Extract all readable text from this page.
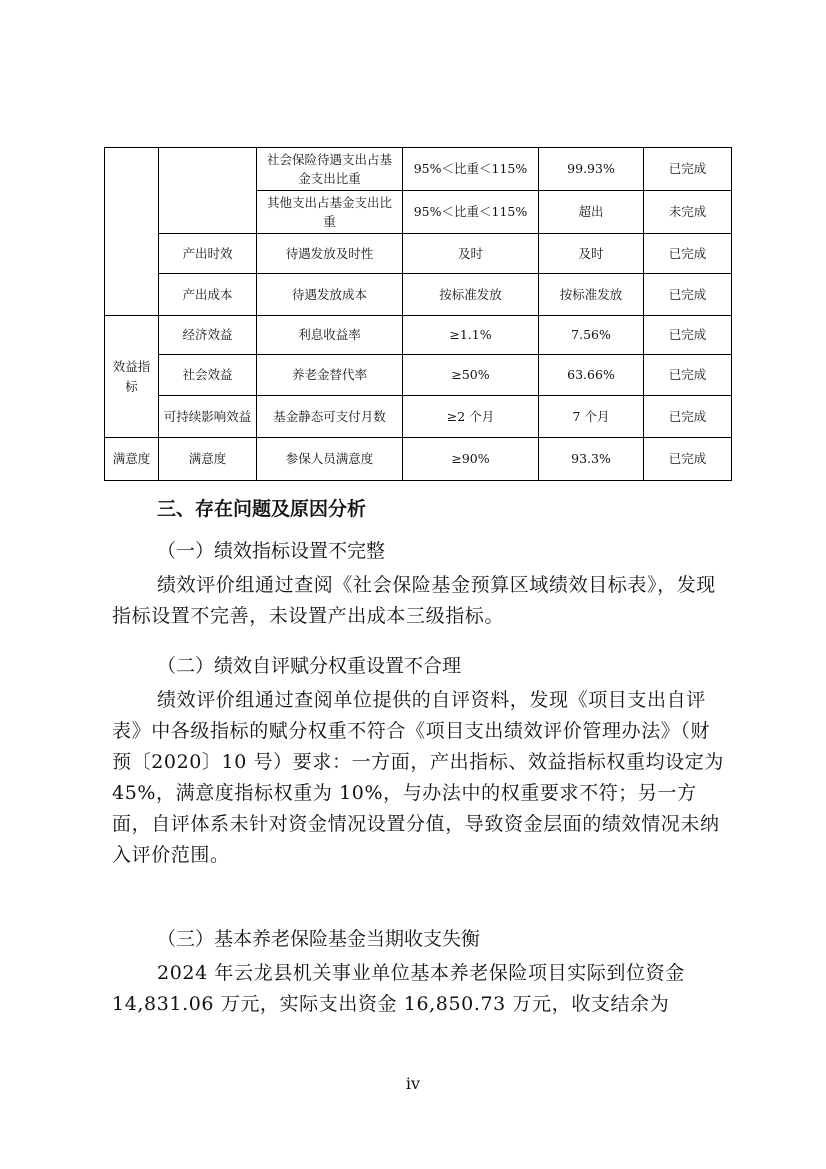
		社会保险待遇支出占基金支出比重	95%＜比重＜115%	99.93%	已完成
		其他支出占基金支出比重	95%＜比重＜115%	超出	未完成
	产出时效	待遇发放及时性	及时	及时	已完成
	产出成本	待遇发放成本	按标准发放	按标准发放	已完成
效益指标	经济效益	利息收益率	≥1.1%	7.56%	已完成
	社会效益	养老金替代率	≥50%	63.66%	已完成
	可持续影响效益	基金静态可支付月数	≥2 个月	7 个月	已完成
满意度	满意度	参保人员满意度	≥90%	93.3%	已完成
三、存在问题及原因分析
（一）绩效指标设置不完整
绩效评价组通过查阅《社会保险基金预算区域绩效目标表》，发现指标设置不完善，未设置产出成本三级指标。
（二）绩效自评赋分权重设置不合理
绩效评价组通过查阅单位提供的自评资料，发现《项目支出自评表》中各级指标的赋分权重不符合《项目支出绩效评价管理办法》（财预〔2020〕10 号）要求：一方面，产出指标、效益指标权重均设定为 45%，满意度指标权重为 10%，与办法中的权重要求不符；另一方面，自评体系未针对资金情况设置分值，导致资金层面的绩效情况未纳入评价范围。
（三）基本养老保险基金当期收支失衡
2024 年云龙县机关事业单位基本养老保险项目实际到位资金 14,831.06 万元，实际支出资金 16,850.73 万元，收支结余为
iv
